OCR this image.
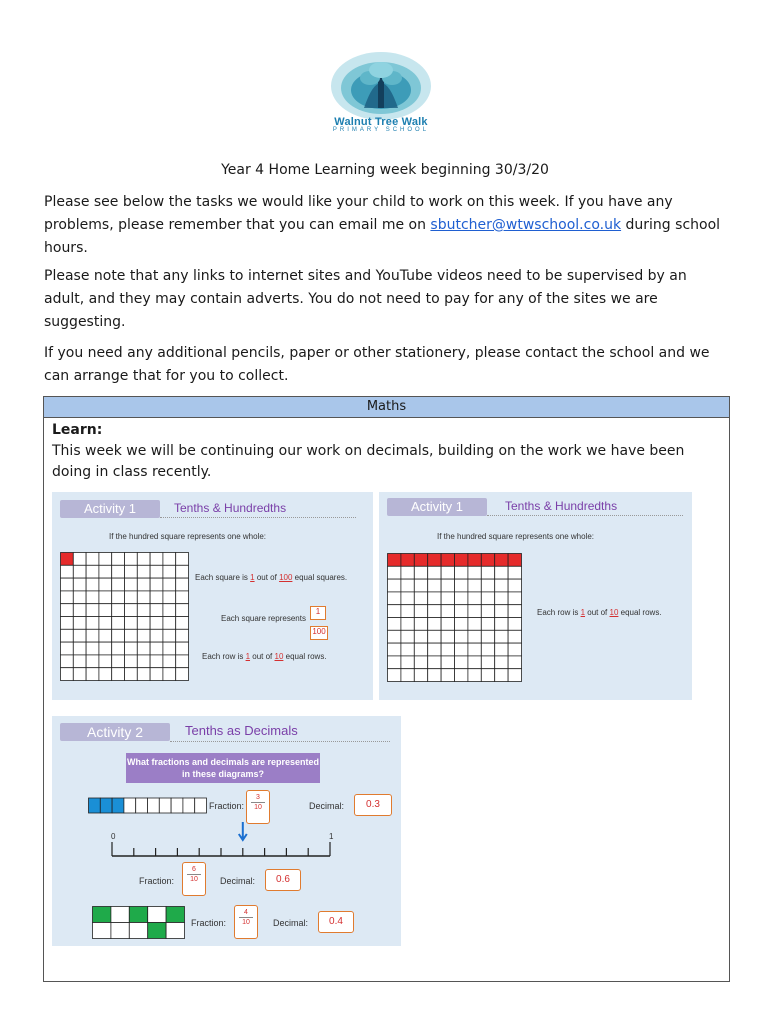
Walnut Tree Walk
PRIMARY SCHOOL
Year 4 Home Learning week beginning 30/3/20
Please see below the tasks we would like your child to work on this week. If you have any problems, please remember that you can email me on sbutcher@wtwschool.co.uk during school hours.
Please note that any links to internet sites and YouTube videos need to be supervised by an adult, and they may contain adverts. You do not need to pay for any of the sites we are suggesting.
If you need any additional pencils, paper or other stationery, please contact the school and we can arrange that for you to collect.
Maths
Learn:
This week we will be continuing our work on decimals, building on the work we have been doing in class recently.
Activity 1	Tenths & Hundredths
If the hundred square represents one whole:
Each square is 1 out of 100 equal squares.
Each square represents
1
100
Each row is 1 out of 10 equal rows.
Activity 1	Tenths & Hundredths
If the hundred square represents one whole:
Each row is 1 out of 10 equal rows.
Activity 2	Tenths as Decimals
What fractions and decimals are represented in these diagrams?
Fraction:
3
10	Decimal:	0.3
0	1
Fraction:
6
10	Decimal:	0.6
Fraction:
4
10	Decimal:	0.4
